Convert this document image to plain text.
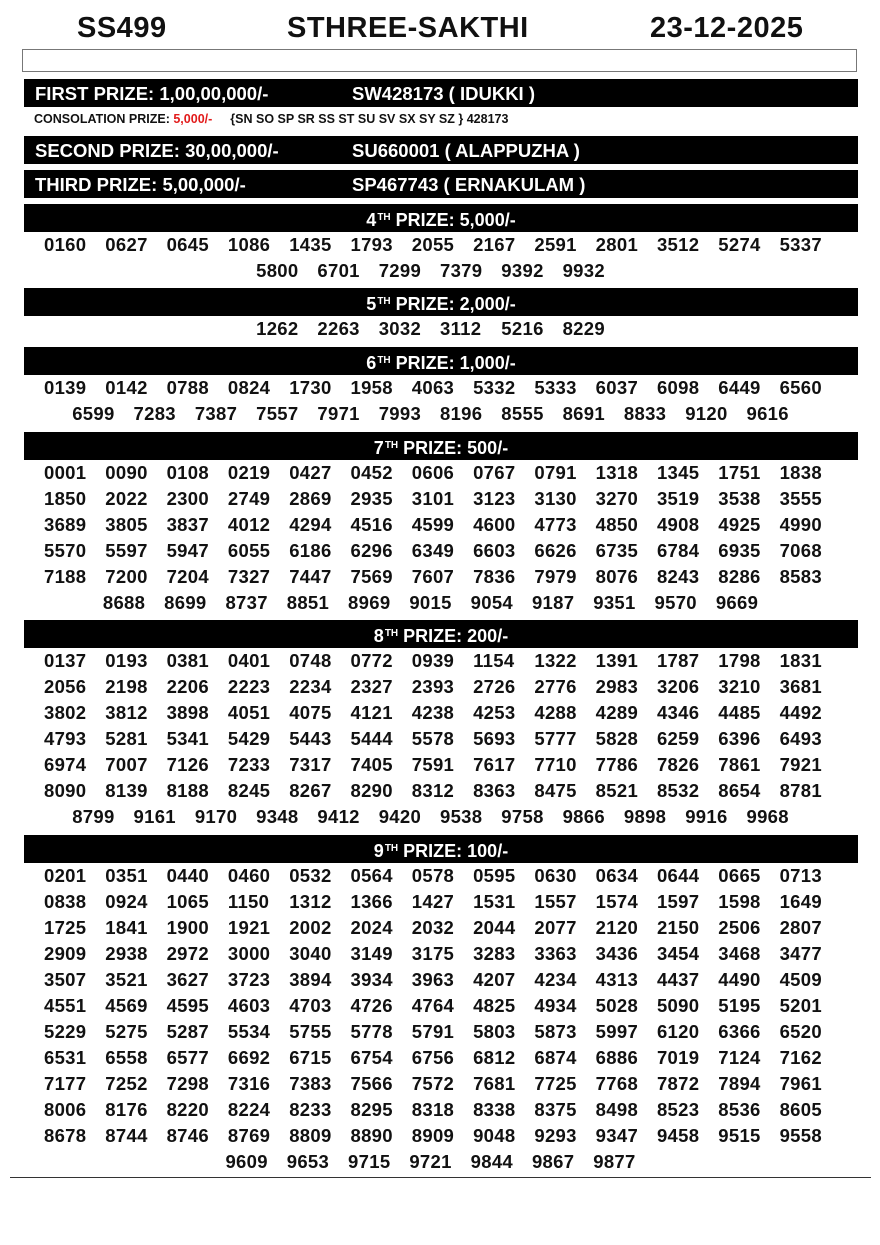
SS499	STHREE-SAKTHI	23-12-2025
FIRST PRIZE: 1,00,00,000/-	SW428173 ( IDUKKI )
CONSOLATION PRIZE: 5,000/- {SN SO SP SR SS ST SU SV SX SY SZ } 428173
SECOND PRIZE: 30,00,000/-	SU660001 ( ALAPPUZHA )
THIRD PRIZE: 5,00,000/-	SP467743 ( ERNAKULAM )
4TH PRIZE: 5,000/-
0160	0627	0645	1086	1435	1793	2055	2167	2591	2801	3512	5274	5337
5800 6701 7299 7379 9392 9932
5TH PRIZE: 2,000/-
1262 2263 3032 3112 5216 8229
6TH PRIZE: 1,000/-
0139	0142	0788	0824	1730	1958	4063	5332	5333	6037	6098	6449	6560
6599 7283 7387 7557 7971 7993 8196 8555 8691 8833 9120 9616
7TH PRIZE: 500/-
0001	0090	0108	0219	0427	0452	0606	0767	0791	1318	1345	1751	1838
1850	2022	2300	2749	2869	2935	3101	3123	3130	3270	3519	3538	3555
3689	3805	3837	4012	4294	4516	4599	4600	4773	4850	4908	4925	4990
5570	5597	5947	6055	6186	6296	6349	6603	6626	6735	6784	6935	7068
7188	7200	7204	7327	7447	7569	7607	7836	7979	8076	8243	8286	8583
8688 8699 8737 8851 8969 9015 9054 9187 9351 9570 9669
8TH PRIZE: 200/-
0137	0193	0381	0401	0748	0772	0939	1154	1322	1391	1787	1798	1831
2056	2198	2206	2223	2234	2327	2393	2726	2776	2983	3206	3210	3681
3802	3812	3898	4051	4075	4121	4238	4253	4288	4289	4346	4485	4492
4793	5281	5341	5429	5443	5444	5578	5693	5777	5828	6259	6396	6493
6974	7007	7126	7233	7317	7405	7591	7617	7710	7786	7826	7861	7921
8090	8139	8188	8245	8267	8290	8312	8363	8475	8521	8532	8654	8781
8799 9161 9170 9348 9412 9420 9538 9758 9866 9898 9916 9968
9TH PRIZE: 100/-
0201	0351	0440	0460	0532	0564	0578	0595	0630	0634	0644	0665	0713
0838	0924	1065	1150	1312	1366	1427	1531	1557	1574	1597	1598	1649
1725	1841	1900	1921	2002	2024	2032	2044	2077	2120	2150	2506	2807
2909	2938	2972	3000	3040	3149	3175	3283	3363	3436	3454	3468	3477
3507	3521	3627	3723	3894	3934	3963	4207	4234	4313	4437	4490	4509
4551	4569	4595	4603	4703	4726	4764	4825	4934	5028	5090	5195	5201
5229	5275	5287	5534	5755	5778	5791	5803	5873	5997	6120	6366	6520
6531	6558	6577	6692	6715	6754	6756	6812	6874	6886	7019	7124	7162
7177	7252	7298	7316	7383	7566	7572	7681	7725	7768	7872	7894	7961
8006	8176	8220	8224	8233	8295	8318	8338	8375	8498	8523	8536	8605
8678	8744	8746	8769	8809	8890	8909	9048	9293	9347	9458	9515	9558
9609 9653 9715 9721 9844 9867 9877
